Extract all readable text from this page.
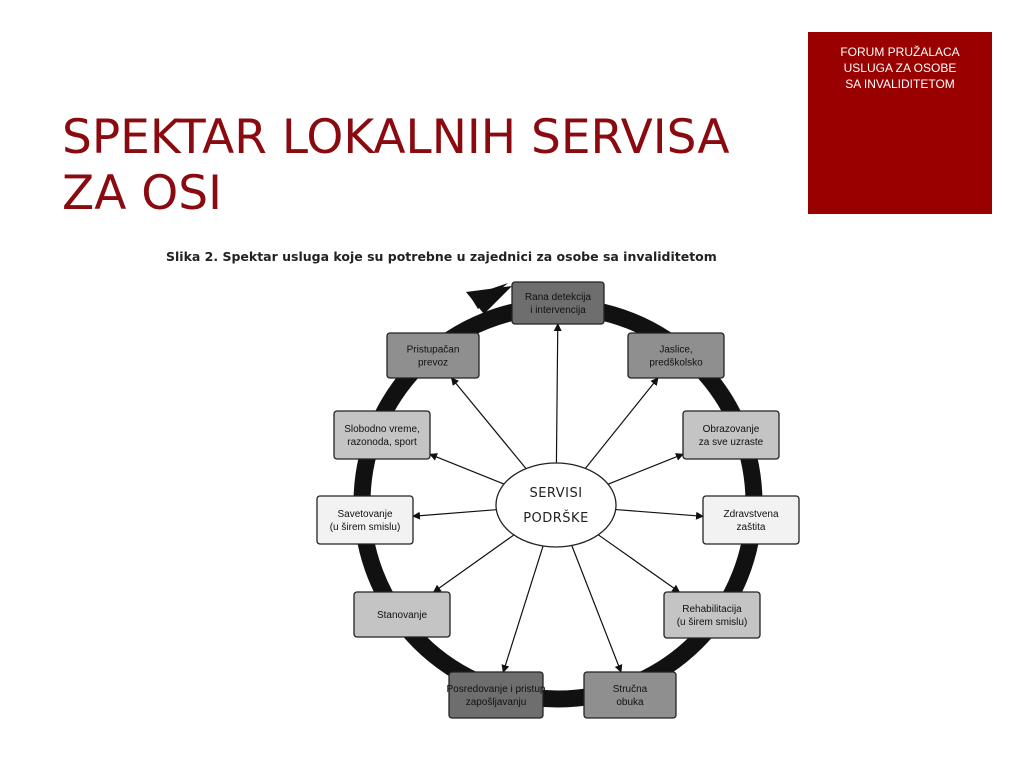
SPEKTAR LOKALNIH SERVISA
ZA OSI
FORUM PRUŽALACA
USLUGA ZA OSOBE
SA INVALIDITETOM
Slika 2. Spektar usluga koje su potrebne u zajednici za osobe sa invaliditetom
SERVISI
PODRŠKE
Rana detekcija
i intervencija
Jaslice,
predškolsko
Obrazovanje
za sve uzraste
Zdravstvena
zaštita
Rehabilitacija
(u širem smislu)
Stručna
obuka
Posredovanje i pristup
zapošljavanju
Stanovanje
Savetovanje
(u širem smislu)
Slobodno vreme,
razonoda, sport
Pristupačan
prevoz
